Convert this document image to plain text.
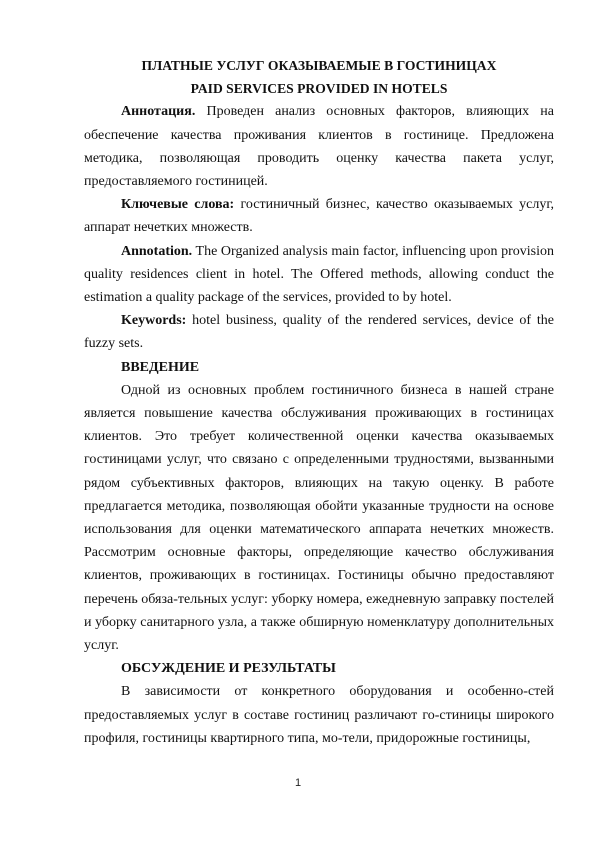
ПЛАТНЫЕ УСЛУГ ОКАЗЫВАЕМЫЕ В ГОСТИНИЦАХ
PAID SERVICES PROVIDED IN HOTELS

Аннотация. Проведен анализ основных факторов, влияющих на обеспечение качества проживания клиентов в гостинице. Предложена методика, позволяющая проводить оценку качества пакета услуг, предоставляемого гостиницей.

Ключевые слова: гостиничный бизнес, качество оказываемых услуг, аппарат нечетких множеств.

Annotation. The Organized analysis main factor, influencing upon provision quality residences client in hotel. The Offered methods, allowing conduct the estimation a quality package of the services, provided to by hotel.

Keywords: hotel business, quality of the rendered services, device of the fuzzy sets.

ВВЕДЕНИЕ

Одной из основных проблем гостиничного бизнеса в нашей стране является повышение качества обслуживания проживающих в гостиницах клиентов. Это требует количественной оценки качества оказываемых гостиницами услуг, что связано с определенными трудностями, вызванными рядом субъективных факторов, влияющих на такую оценку. В работе предлагается методика, позволяющая обойти указанные трудности на основе использования для оценки математического аппарата нечетких множеств. Рассмотрим основные факторы, определяющие качество обслуживания клиентов, проживающих в гостиницах. Гостиницы обычно предоставляют перечень обяза-тельных услуг: уборку номера, ежедневную заправку постелей и уборку санитарного узла, а также обширную номенклатуру дополнительных услуг.

ОБСУЖДЕНИЕ И РЕЗУЛЬТАТЫ

В зависимости от конкретного оборудования и особенно-стей предоставляемых услуг в составе гостиниц различают го-стиницы широкого профиля, гостиницы квартирного типа, мо-тели, придорожные гостиницы,

1
